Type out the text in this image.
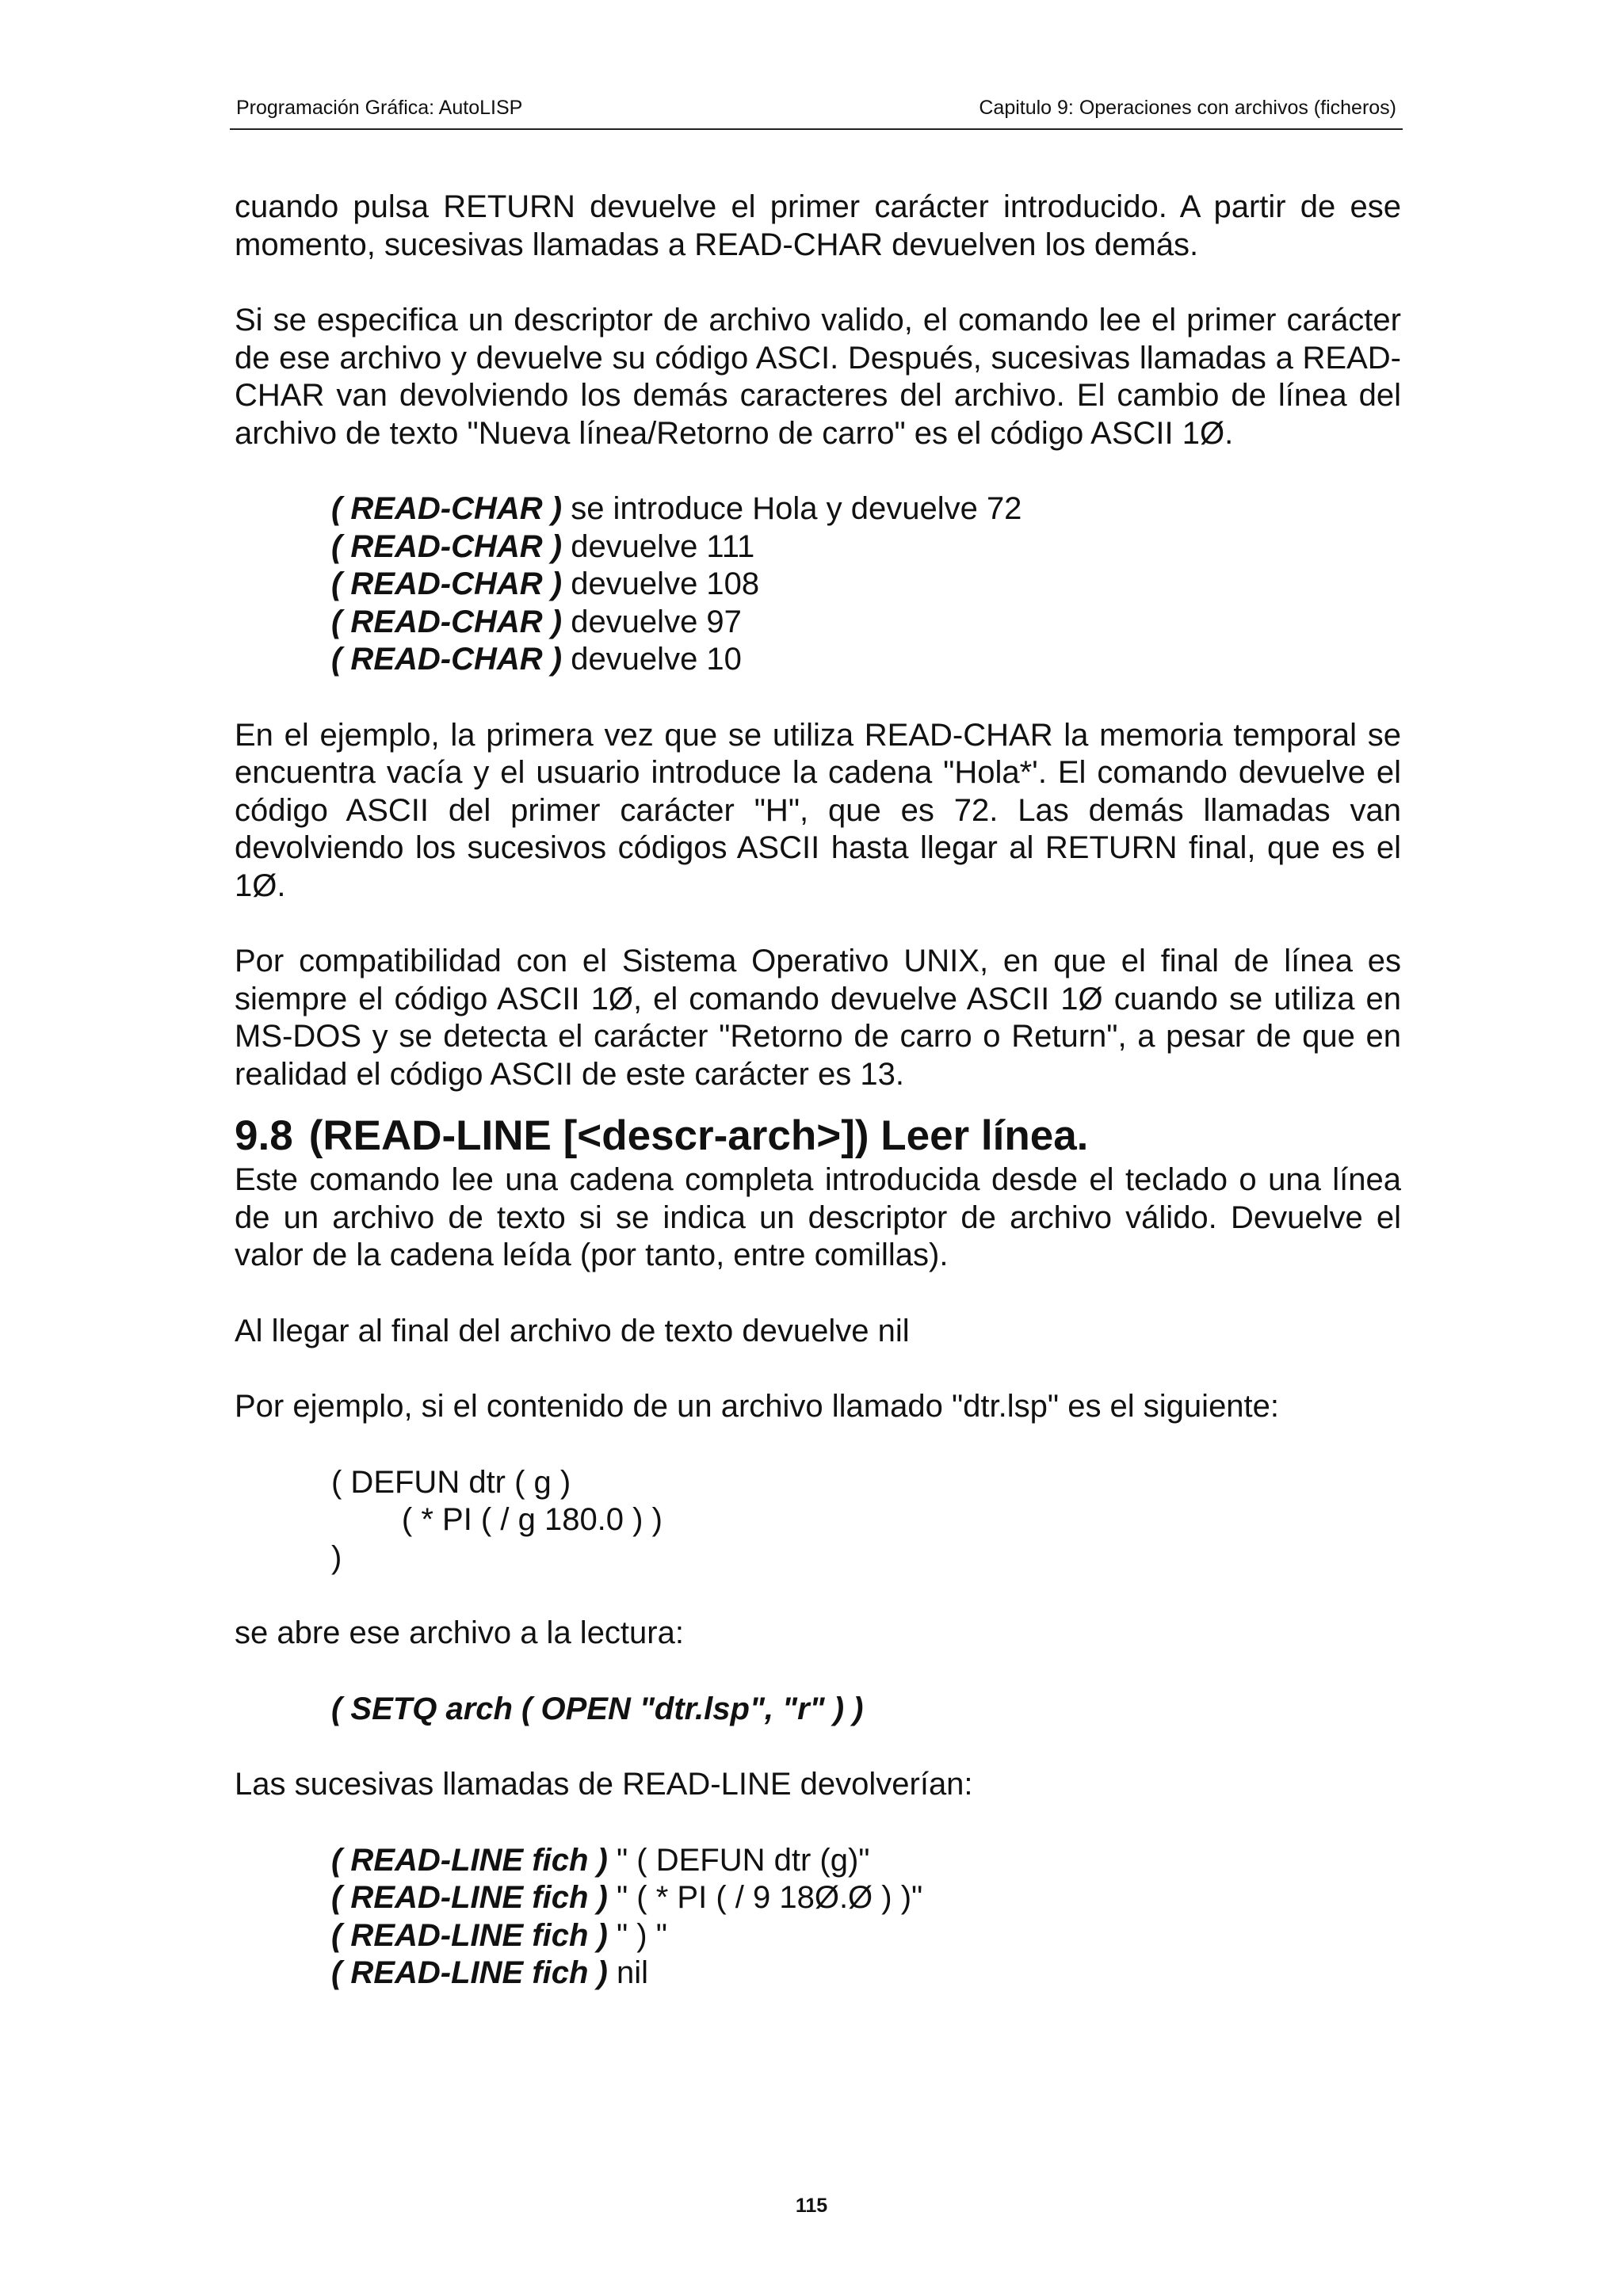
Programación Gráfica: AutoLISP	Capitulo 9: Operaciones con archivos (ficheros)

cuando pulsa RETURN devuelve el primer carácter introducido. A partir de ese momento, sucesivas llamadas a READ-CHAR devuelven los demás.

Si se especifica un descriptor de archivo valido, el comando lee el primer carácter de ese archivo y devuelve su código ASCI. Después, sucesivas llamadas a READ-CHAR van devolviendo los demás caracteres del archivo. El cambio de línea del archivo de texto "Nueva línea/Retorno de carro" es el código ASCII 1Ø.

( READ-CHAR ) se introduce Hola y devuelve 72
( READ-CHAR ) devuelve 111
( READ-CHAR ) devuelve 108
( READ-CHAR ) devuelve 97
( READ-CHAR ) devuelve 10

En el ejemplo, la primera vez que se utiliza READ-CHAR la memoria temporal se encuentra vacía y el usuario introduce la cadena "Hola*'. El comando devuelve el código ASCII del primer carácter "H", que es 72. Las demás llamadas van devolviendo los sucesivos códigos ASCII hasta llegar al RETURN final, que es el 1Ø.

Por compatibilidad con el Sistema Operativo UNIX, en que el final de línea es siempre el código ASCII 1Ø, el comando devuelve ASCII 1Ø cuando se utiliza en MS-DOS y se detecta el carácter "Retorno de carro o Return", a pesar de que en realidad el código ASCII de este carácter es 13.

9.8 (READ-LINE [<descr-arch>]) Leer línea.

Este comando lee una cadena completa introducida desde el teclado o una línea de un archivo de texto si se indica un descriptor de archivo válido. Devuelve el valor de la cadena leída (por tanto, entre comillas).

Al llegar al final del archivo de texto devuelve nil

Por ejemplo, si el contenido de un archivo llamado "dtr.lsp" es el siguiente:

( DEFUN dtr ( g )
( * PI ( / g 180.0 ) )
)

se abre ese archivo a la lectura:

( SETQ arch ( OPEN "dtr.lsp", "r" ) )

Las sucesivas llamadas de READ-LINE devolverían:

( READ-LINE fich ) " ( DEFUN dtr (g)"
( READ-LINE fich ) " ( * PI ( / 9 18Ø.Ø ) )"
( READ-LINE fich ) " ) "
( READ-LINE fich ) nil
115
